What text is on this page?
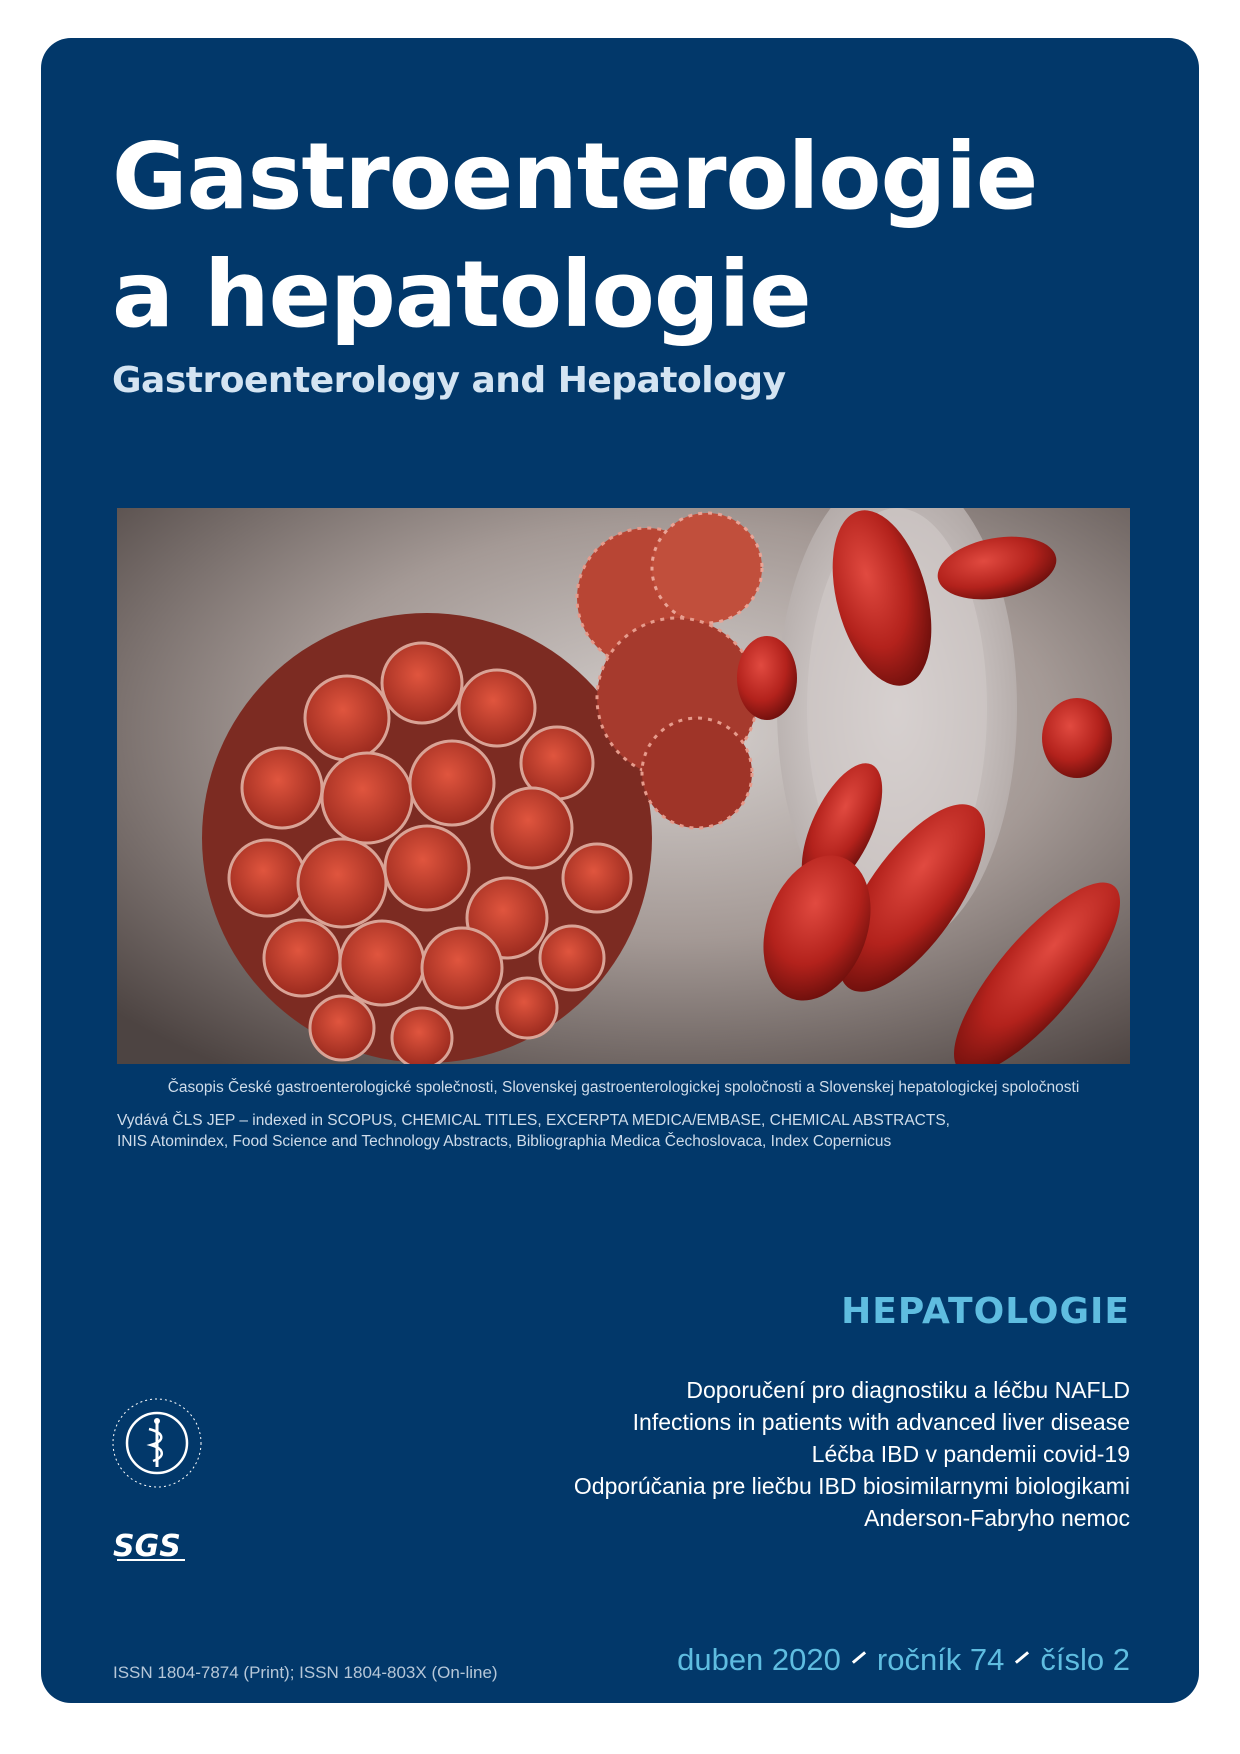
Gastroenterologie
a hepatologie
Gastroenterology and Hepatology
Časopis České gastroenterologické společnosti, Slovenskej gastroenterologickej spoločnosti a Slovenskej hepatologickej spoločnosti
Vydává ČLS JEP – indexed in SCOPUS, CHEMICAL TITLES, EXCERPTA MEDICA/EMBASE, CHEMICAL ABSTRACTS,
INIS Atomindex, Food Science and Technology Abstracts, Bibliographia Medica Čechoslovaca, Index Copernicus
HEPATOLOGIE
Doporučení pro diagnostiku a léčbu NAFLD
Infections in patients with advanced liver disease
Léčba IBD v pandemii covid-19
Odporúčania pre liečbu IBD biosimilarnymi biologikami
Anderson-Fabryho nemoc
SGS
ISSN 1804-7874 (Print); ISSN 1804-803X (On-line)	duben 2020 ročník 74 číslo 2
